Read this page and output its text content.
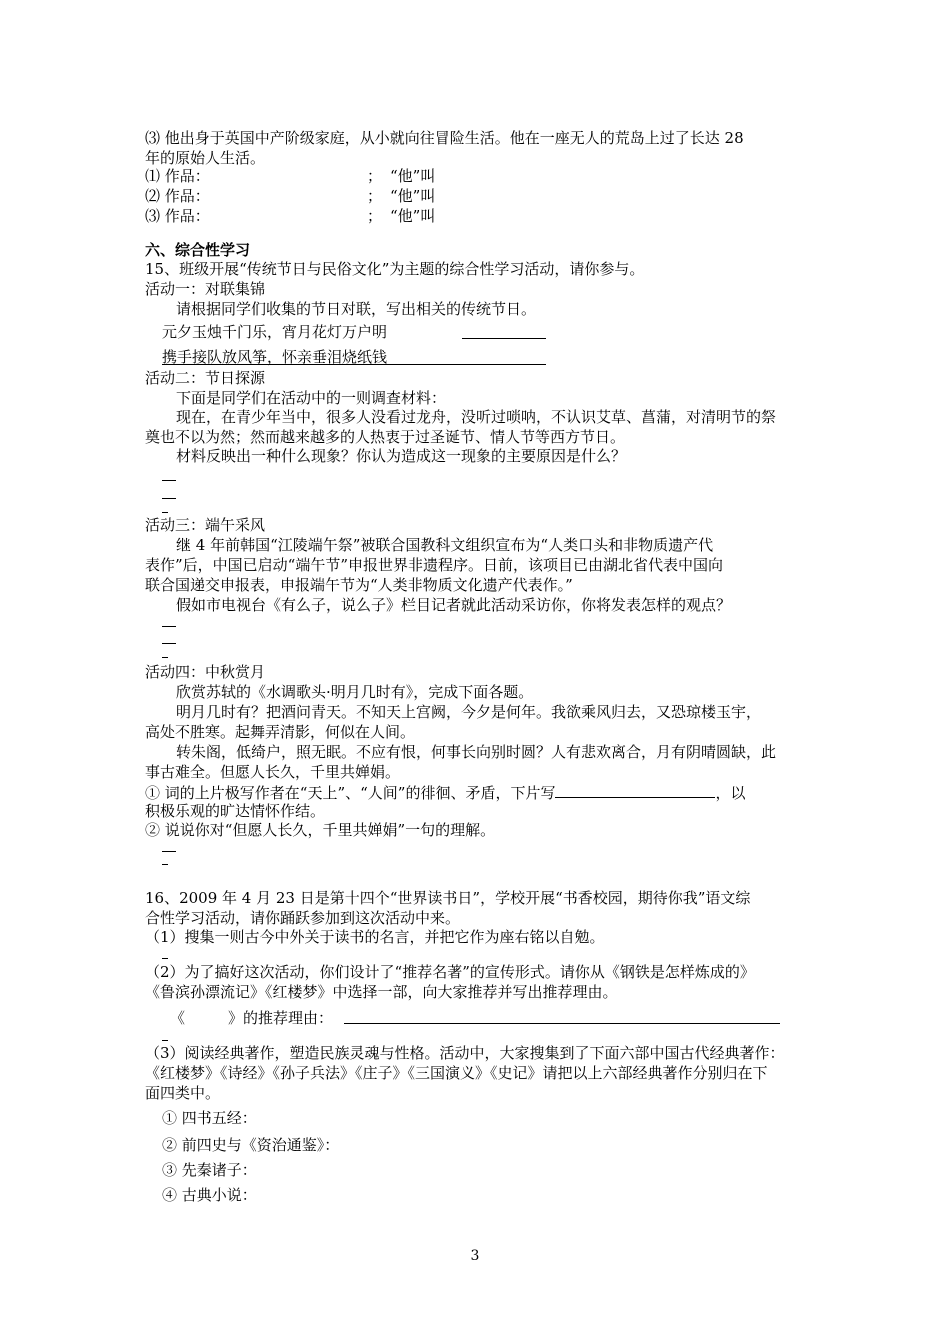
⑶ 他出身于英国中产阶级家庭，从小就向往冒险生活。他在一座无人的荒岛上过了长达 28
年的原始人生活。
⑴ 作品：	； “他”叫
⑵ 作品：	； “他”叫
⑶ 作品：	； “他”叫
六、综合性学习
15、班级开展“传统节日与民俗文化”为主题的综合性学习活动，请你参与。
活动一：对联集锦
请根据同学们收集的节日对联，写出相关的传统节日。
元夕玉烛千门乐，宵月花灯万户明
携手接队放风筝，怀亲垂泪烧纸钱
活动二：节日探源
下面是同学们在活动中的一则调查材料：
现在，在青少年当中，很多人没看过龙舟，没听过唢呐，不认识艾草、菖蒲，对清明节的祭
奠也不以为然；然而越来越多的人热衷于过圣诞节、情人节等西方节日。
材料反映出一种什么现象？你认为造成这一现象的主要原因是什么？
活动三：端午采风
继 4 年前韩国“江陵端午祭”被联合国教科文组织宣布为“人类口头和非物质遗产代
表作”后，中国已启动“端午节”申报世界非遗程序。日前，该项目已由湖北省代表中国向
联合国递交申报表，申报端午节为“人类非物质文化遗产代表作。”
假如市电视台《有么子，说么子》栏目记者就此活动采访你，你将发表怎样的观点？
活动四：中秋赏月
欣赏苏轼的《水调歌头·明月几时有》，完成下面各题。
明月几时有？把酒问青天。不知天上宫阙，今夕是何年。我欲乘风归去，又恐琼楼玉宇，
高处不胜寒。起舞弄清影，何似在人间。
转朱阁，低绮户，照无眠。不应有恨，何事长向别时圆？人有悲欢离合，月有阴晴圆缺，此
事古难全。但愿人长久，千里共婵娟。
① 词的上片极写作者在“天上”、“人间”的徘徊、矛盾，下片写	，以
积极乐观的旷达情怀作结。
② 说说你对“但愿人长久，千里共婵娟”一句的理解。
16、2009 年 4 月 23 日是第十四个“世界读书日”，学校开展“书香校园，期待你我”语文综
合性学习活动，请你踊跃参加到这次活动中来。
（1）搜集一则古今中外关于读书的名言，并把它作为座右铭以自勉。
（2）为了搞好这次活动，你们设计了“推荐名著”的宣传形式。请你从《钢铁是怎样炼成的》
《鲁滨孙漂流记》《红楼梦》中选择一部，向大家推荐并写出推荐理由。
《	》的推荐理由：
（3）阅读经典著作，塑造民族灵魂与性格。活动中，大家搜集到了下面六部中国古代经典著作：
《红楼梦》《诗经》《孙子兵法》《庄子》《三国演义》《史记》请把以上六部经典著作分别归在下
面四类中。
① 四书五经：
② 前四史与《资治通鉴》：
③ 先秦诸子：
④ 古典小说：
3
